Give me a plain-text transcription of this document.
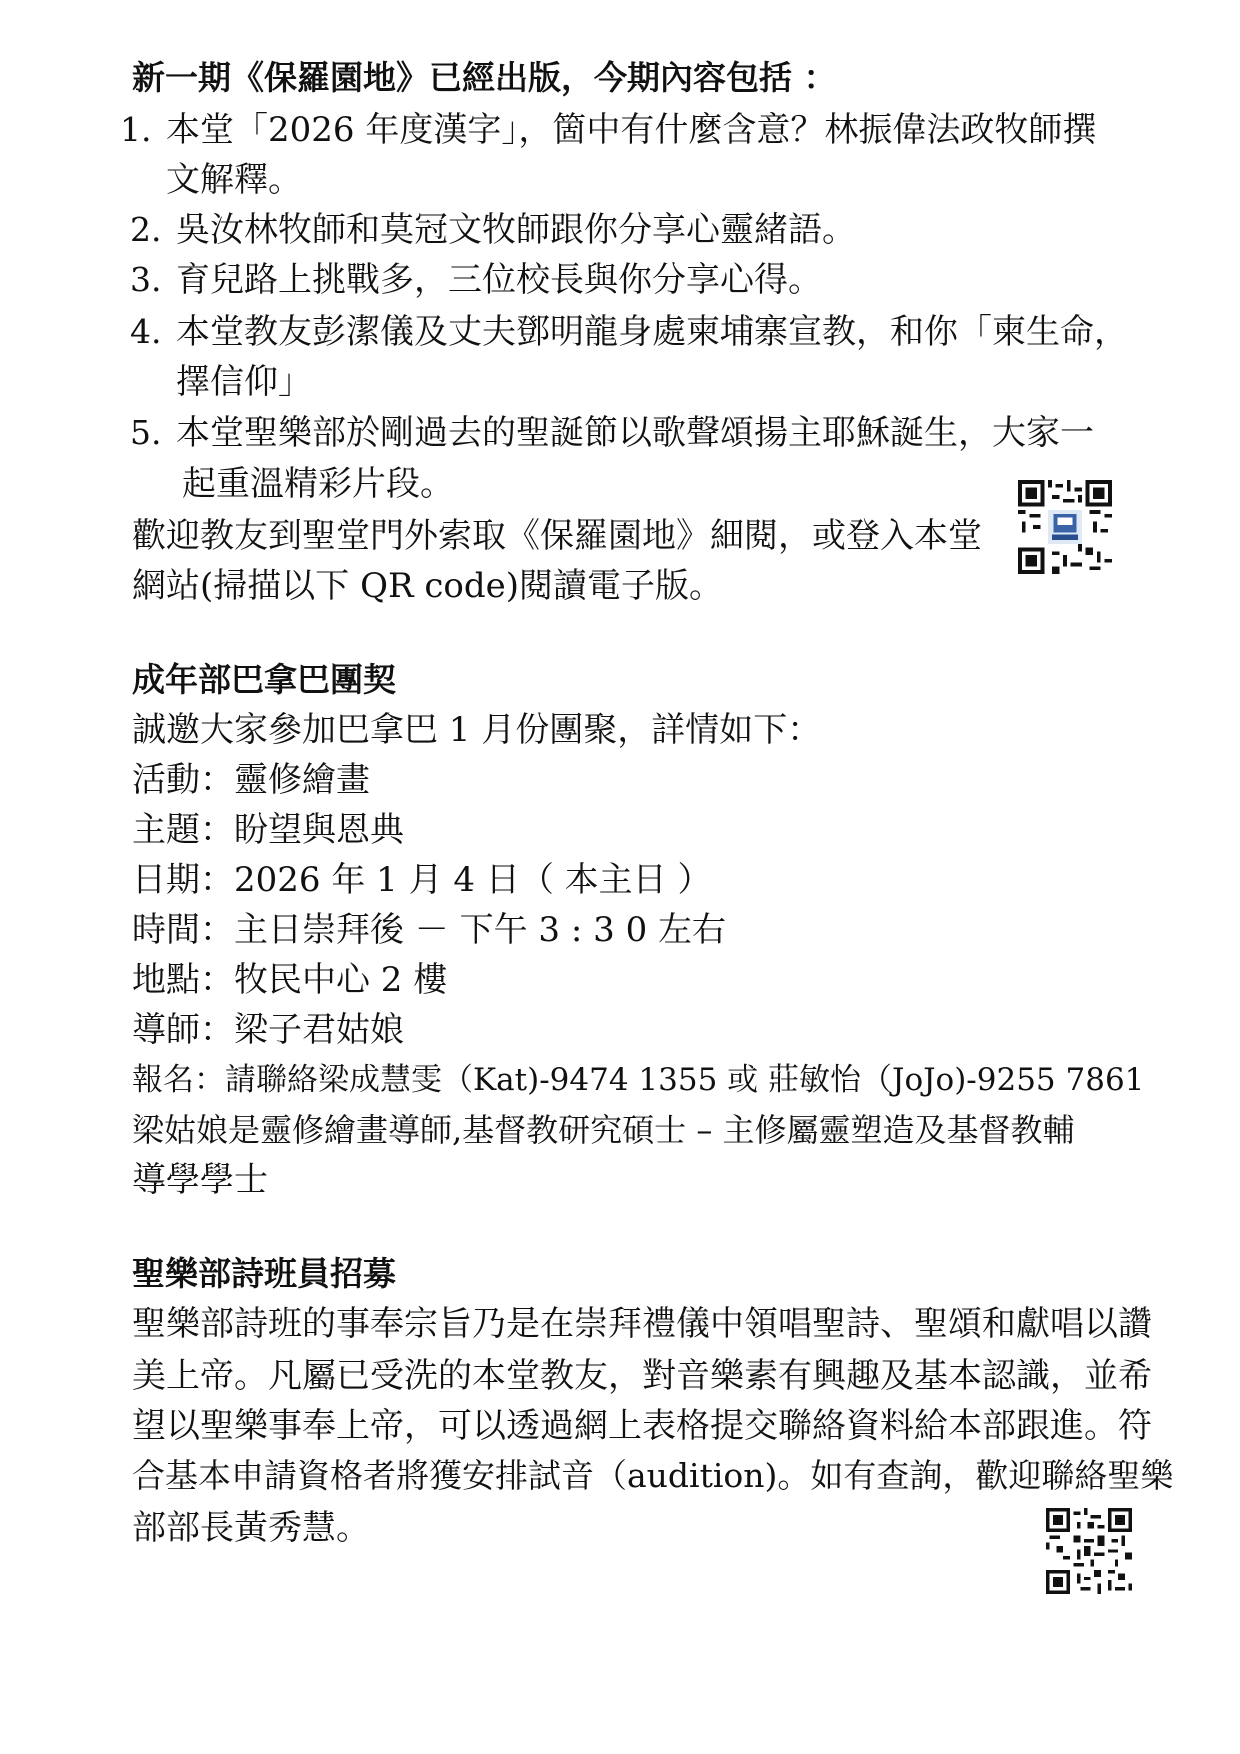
新一期《保羅園地》已經出版，今期內容包括 ：
1. 本堂「2026 年度漢字」，箇中有什麼含意？林振偉法政牧師撰
文解釋。
2. 吳汝林牧師和莫冠文牧師跟你分享心靈緒語。
3. 育兒路上挑戰多，三位校長與你分享心得。
4. 本堂教友彭潔儀及丈夫鄧明龍身處柬埔寨宣教，和你「柬生命，
擇信仰」
5. 本堂聖樂部於剛過去的聖誕節以歌聲頌揚主耶穌誕生，大家一
起重溫精彩片段。
歡迎教友到聖堂門外索取《保羅園地》細閱，或登入本堂
網站(掃描以下 QR code)閱讀電子版。
成年部巴拿巴團契
誠邀大家參加巴拿巴 1 月份團聚，詳情如下：
活動：靈修繪畫
主題：盼望與恩典
日期：2026 年 1 月 4 日（ 本主日 ）
時間：主日崇拜後 － 下午 3 : 3 0 左右
地點：牧民中心 2 樓
導師：梁子君姑娘
報名：請聯絡梁成慧雯（Kat)-9474 1355 或 莊敏怡（JoJo)-9255 7861
梁姑娘是靈修繪畫導師,基督教研究碩士 – 主修屬靈塑造及基督教輔
導學學士
聖樂部詩班員招募
聖樂部詩班的事奉宗旨乃是在崇拜禮儀中領唱聖詩、聖頌和獻唱以讚
美上帝。凡屬已受洗的本堂教友，對音樂素有興趣及基本認識，並希
望以聖樂事奉上帝，可以透過網上表格提交聯絡資料給本部跟進。符
合基本申請資格者將獲安排試音（audition)。如有查詢，歡迎聯絡聖樂
部部長黃秀慧。
